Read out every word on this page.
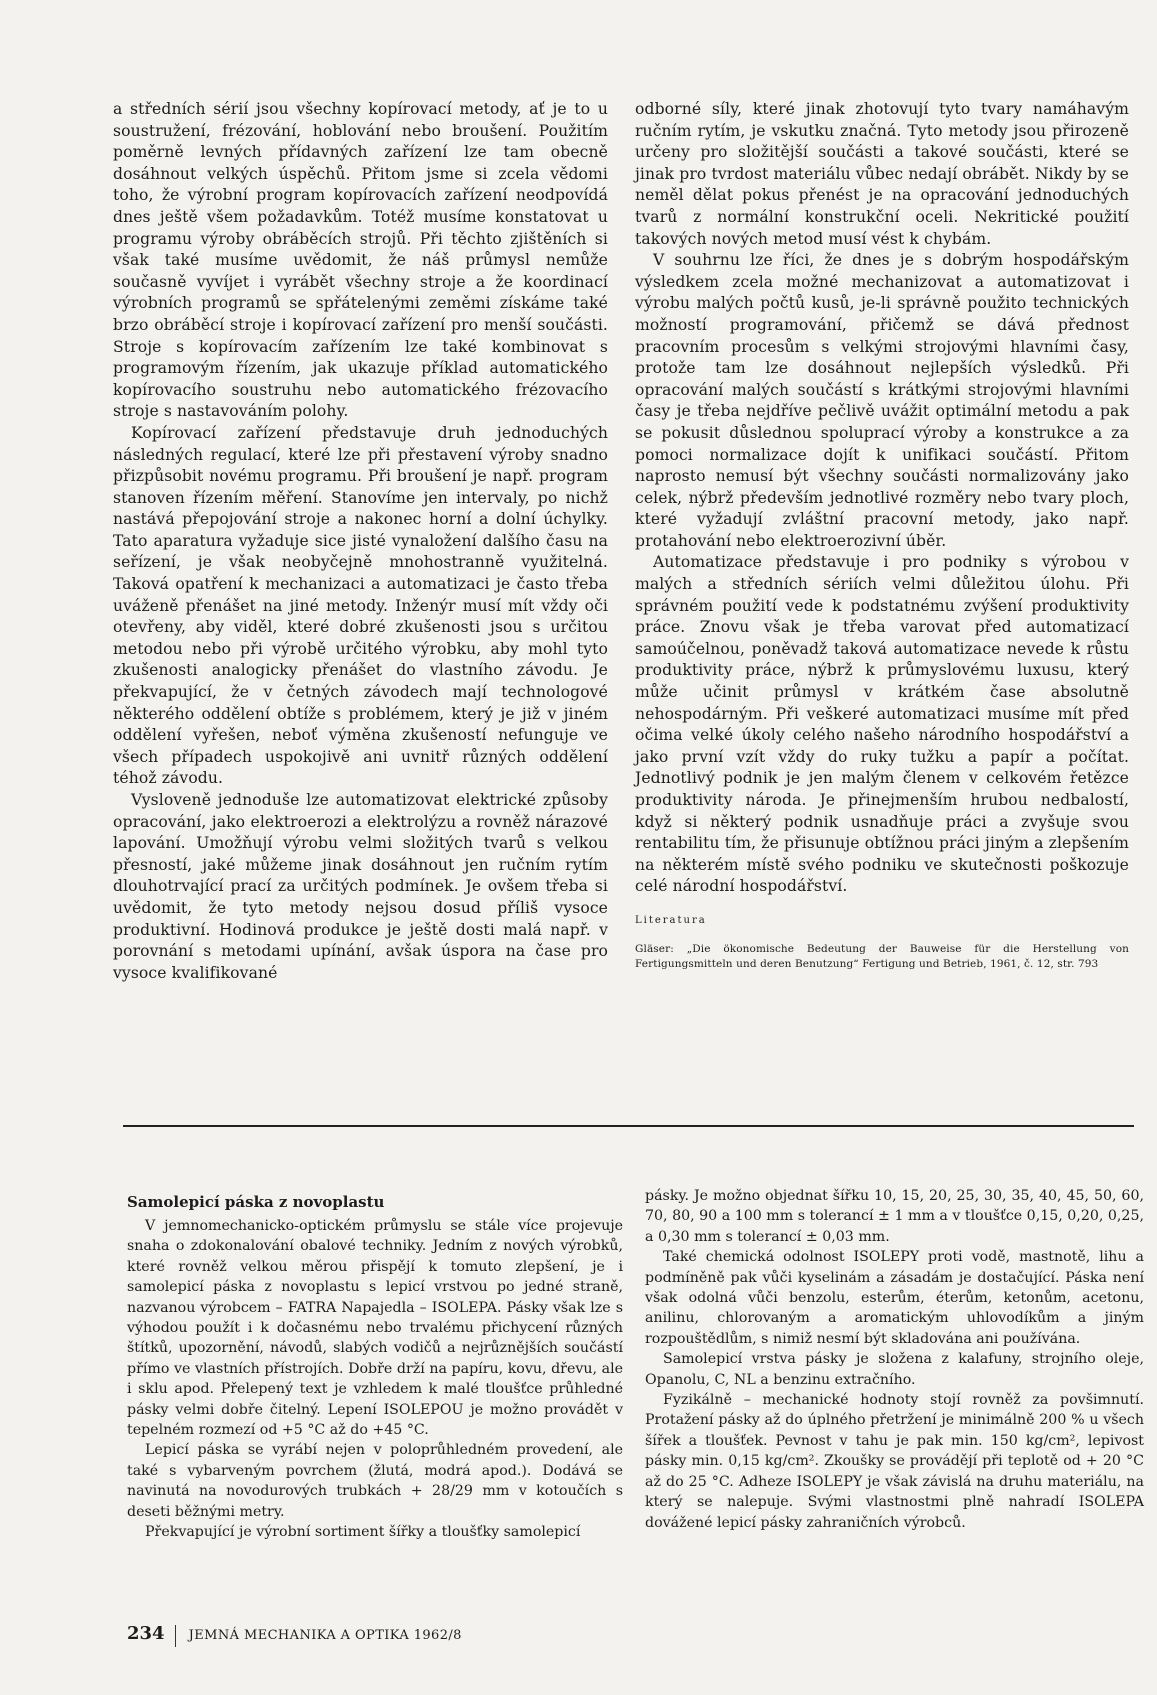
a středních sérií jsou všechny kopírovací metody, ať je to u soustružení, frézování, hoblování nebo broušení. Použitím poměrně levných přídavných zařízení lze tam obecně dosáhnout velkých úspěchů. Přitom jsme si zcela vědomi toho, že výrobní program kopírovacích zařízení neodpovídá dnes ještě všem požadavkům. Totéž musíme konstatovat u programu výroby obráběcích strojů. Při těchto zjištěních si však také musíme uvědomit, že náš průmysl nemůže současně vyvíjet i vyrábět všechny stroje a že koordinací výrobních programů se spřátelenými zeměmi získáme také brzo obráběcí stroje i kopírovací zařízení pro menší součásti. Stroje s kopírovacím zařízením lze také kombinovat s programovým řízením, jak ukazuje příklad automatického kopírovacího soustruhu nebo automatického frézovacího stroje s nastavováním polohy.

Kopírovací zařízení představuje druh jednoduchých následných regulací, které lze při přestavení výroby snadno přizpůsobit novému programu. Při broušení je např. program stanoven řízením měření. Stanovíme jen intervaly, po nichž nastává přepojování stroje a nakonec horní a dolní úchylky. Tato aparatura vyžaduje sice jisté vynaložení dalšího času na seřízení, je však neobyčejně mnohostranně využitelná. Taková opatření k mechanizaci a automatizaci je často třeba uváženě přenášet na jiné metody. Inženýr musí mít vždy oči otevřeny, aby viděl, které dobré zkušenosti jsou s určitou metodou nebo při výrobě určitého výrobku, aby mohl tyto zkušenosti analogicky přenášet do vlastního závodu. Je překvapující, že v četných závodech mají technologové některého oddělení obtíže s problémem, který je již v jiném oddělení vyřešen, neboť výměna zkušeností nefunguje ve všech případech uspokojivě ani uvnitř různých oddělení téhož závodu.

Vysloveně jednoduše lze automatizovat elektrické způsoby opracování, jako elektroerozi a elektrolýzu a rovněž nárazové lapování. Umožňují výrobu velmi složitých tvarů s velkou přesností, jaké můžeme jinak dosáhnout jen ručním rytím dlouhotrvající prací za určitých podmínek. Je ovšem třeba si uvědomit, že tyto metody nejsou dosud příliš vysoce produktivní. Hodinová produkce je ještě dosti malá např. v porovnání s metodami upínání, avšak úspora na čase pro vysoce kvalifikované

odborné síly, které jinak zhotovují tyto tvary namáhavým ručním rytím, je vskutku značná. Tyto metody jsou přirozeně určeny pro složitější součásti a takové součásti, které se jinak pro tvrdost materiálu vůbec nedají obrábět. Nikdy by se neměl dělat pokus přenést je na opracování jednoduchých tvarů z normální konstrukční oceli. Nekritické použití takových nových metod musí vést k chybám.

V souhrnu lze říci, že dnes je s dobrým hospodářským výsledkem zcela možné mechanizovat a automatizovat i výrobu malých počtů kusů, je-li správně použito technických možností programování, přičemž se dává přednost pracovním procesům s velkými strojovými hlavními časy, protože tam lze dosáhnout nejlepších výsledků. Při opracování malých součástí s krátkými strojovými hlavními časy je třeba nejdříve pečlivě uvážit optimální metodu a pak se pokusit důslednou spoluprací výroby a konstrukce a za pomoci normalizace dojít k unifikaci součástí. Přitom naprosto nemusí být všechny součásti normalizovány jako celek, nýbrž především jednotlivé rozměry nebo tvary ploch, které vyžadují zvláštní pracovní metody, jako např. protahování nebo elektroerozivní úběr.

Automatizace představuje i pro podniky s výrobou v malých a středních sériích velmi důležitou úlohu. Při správném použití vede k podstatnému zvýšení produktivity práce. Znovu však je třeba varovat před automatizací samoúčelnou, poněvadž taková automatizace nevede k růstu produktivity práce, nýbrž k průmyslovému luxusu, který může učinit průmysl v krátkém čase absolutně nehospodárným. Při veškeré automatizaci musíme mít před očima velké úkoly celého našeho národního hospodářství a jako první vzít vždy do ruky tužku a papír a počítat. Jednotlivý podnik je jen malým členem v celkovém řetězce produktivity národa. Je přinejmenším hrubou nedbalostí, když si některý podnik usnadňuje práci a zvyšuje svou rentabilitu tím, že přisunuje obtížnou práci jiným a zlepšením na některém místě svého podniku ve skutečnosti poškozuje celé národní hospodářství.

Literatura
Gläser: „Die ökonomische Bedeutung der Bauweise für die Herstellung von Fertigungsmitteln und deren Benutzung“ Fertigung und Betrieb, 1961, č. 12, str. 793
Samolepicí páska z novoplastu

V jemnomechanicko-optickém průmyslu se stále více projevuje snaha o zdokonalování obalové techniky. Jedním z nových výrobků, které rovněž velkou měrou přispějí k tomuto zlepšení, je i samolepicí páska z novoplastu s lepicí vrstvou po jedné straně, nazvanou výrobcem – FATRA Napajedla – ISOLEPA. Pásky však lze s výhodou použít i k dočasnému nebo trvalému přichycení různých štítků, upozornění, návodů, slabých vodičů a nejrůznějších součástí přímo ve vlastních přístrojích. Dobře drží na papíru, kovu, dřevu, ale i sklu apod. Přelepený text je vzhledem k malé tloušťce průhledné pásky velmi dobře čitelný. Lepení ISOLEPOU je možno provádět v tepelném rozmezí od +5 °C až do +45 °C.

Lepicí páska se vyrábí nejen v poloprůhledném provedení, ale také s vybarveným povrchem (žlutá, modrá apod.). Dodává se navinutá na novodurových trubkách + 28/29 mm v kotoučích s deseti běžnými metry.

Překvapující je výrobní sortiment šířky a tloušťky samolepicí

pásky. Je možno objednat šířku 10, 15, 20, 25, 30, 35, 40, 45, 50, 60, 70, 80, 90 a 100 mm s tolerancí ± 1 mm a v tloušťce 0,15, 0,20, 0,25, a 0,30 mm s tolerancí ± 0,03 mm.

Také chemická odolnost ISOLEPY proti vodě, mastnotě, lihu a podmíněně pak vůči kyselinám a zásadám je dostačující. Páska není však odolná vůči benzolu, esterům, éterům, ketonům, acetonu, anilinu, chlorovaným a aromatickým uhlovodíkům a jiným rozpouštědlům, s nimiž nesmí být skladována ani používána.

Samolepicí vrstva pásky je složena z kalafuny, strojního oleje, Opanolu, C, NL a benzinu extračního.

Fyzikálně – mechanické hodnoty stojí rovněž za povšimnutí. Protažení pásky až do úplného přetržení je minimálně 200 % u všech šířek a tloušťek. Pevnost v tahu je pak min. 150 kg/cm², lepivost pásky min. 0,15 kg/cm². Zkoušky se provádějí při teplotě od + 20 °C až do 25 °C. Adheze ISOLEPY je však závislá na druhu materiálu, na který se nalepuje. Svými vlastnostmi plně nahradí ISOLEPA dovážené lepicí pásky zahraničních výrobců.

234 JEMNÁ MECHANIKA A OPTIKA 1962/8
